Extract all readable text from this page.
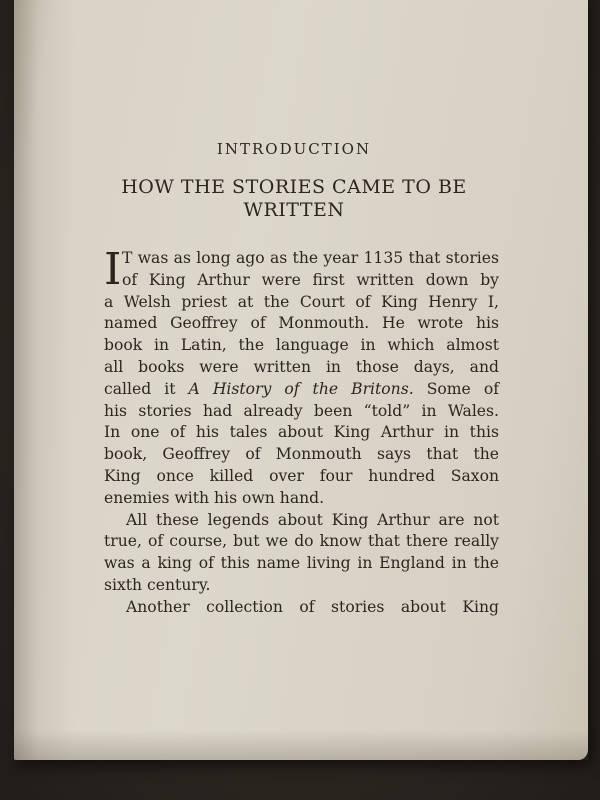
INTRODUCTION
HOW THE STORIES CAME TO BE
WRITTEN
I T was as long ago as the year 1135 that stories
of King Arthur were first written down by
a Welsh priest at the Court of King Henry I,
named Geoffrey of Monmouth. He wrote his
book in Latin, the language in which almost
all books were written in those days, and
called it A History of the Britons. Some of
his stories had already been “told” in Wales.
In one of his tales about King Arthur in this
book, Geoffrey of Monmouth says that the
King once killed over four hundred Saxon
enemies with his own hand.
All these legends about King Arthur are not
true, of course, but we do know that there really
was a king of this name living in England in the
sixth century.
Another collection of stories about King
